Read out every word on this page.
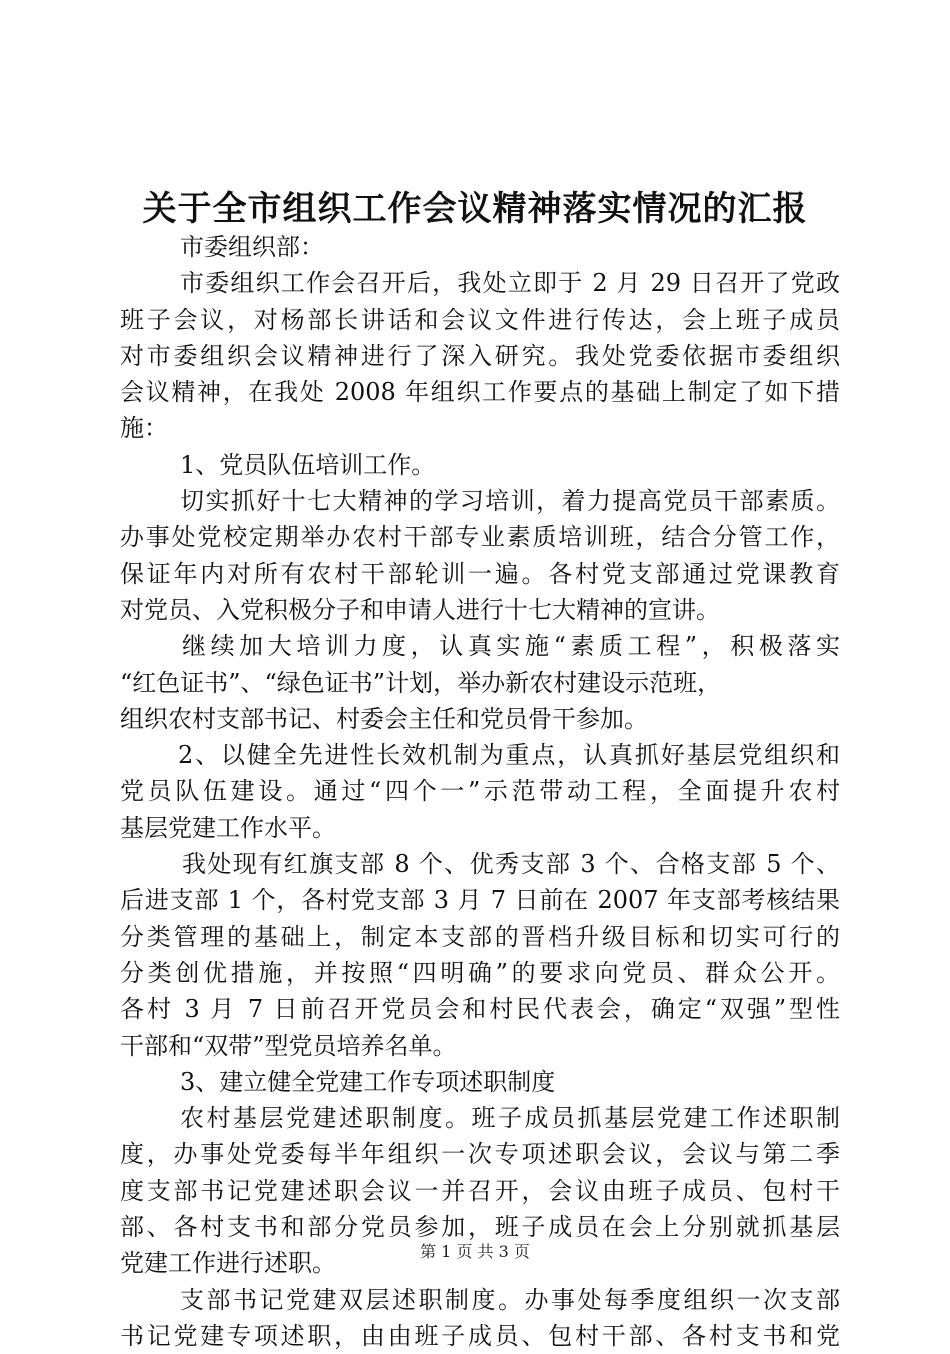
关于全市组织工作会议精神落实情况的汇报
市委组织部：
市委组织工作会召开后，我处立即于 2 月 29 日召开了党政
班子会议，对杨部长讲话和会议文件进行传达，会上班子成员
对市委组织会议精神进行了深入研究。我处党委依据市委组织
会议精神，在我处 2008 年组织工作要点的基础上制定了如下措
施：
1、党员队伍培训工作。
切实抓好十七大精神的学习培训，着力提高党员干部素质。
办事处党校定期举办农村干部专业素质培训班，结合分管工作，
保证年内对所有农村干部轮训一遍。各村党支部通过党课教育
对党员、入党积极分子和申请人进行十七大精神的宣讲。
继续加大培训力度，认真实施“素质工程”，积极落实
“红色证书”、“绿色证书”计划，举办新农村建设示范班，
组织农村支部书记、村委会主任和党员骨干参加。
2、以健全先进性长效机制为重点，认真抓好基层党组织和
党员队伍建设。通过“四个一”示范带动工程，全面提升农村
基层党建工作水平。
我处现有红旗支部 8 个、优秀支部 3 个、合格支部 5 个、
后进支部 1 个，各村党支部 3 月 7 日前在 2007 年支部考核结果
分类管理的基础上，制定本支部的晋档升级目标和切实可行的
分类创优措施，并按照“四明确”的要求向党员、群众公开。
各村 3 月 7 日前召开党员会和村民代表会，确定“双强”型性
干部和“双带”型党员培养名单。
3、建立健全党建工作专项述职制度
农村基层党建述职制度。班子成员抓基层党建工作述职制
度，办事处党委每半年组织一次专项述职会议，会议与第二季
度支部书记党建述职会议一并召开，会议由班子成员、包村干
部、各村支书和部分党员参加，班子成员在会上分别就抓基层
党建工作进行述职。
支部书记党建双层述职制度。办事处每季度组织一次支部
书记党建专项述职，由由班子成员、包村干部、各村支书和党
第 1 页 共 3 页
